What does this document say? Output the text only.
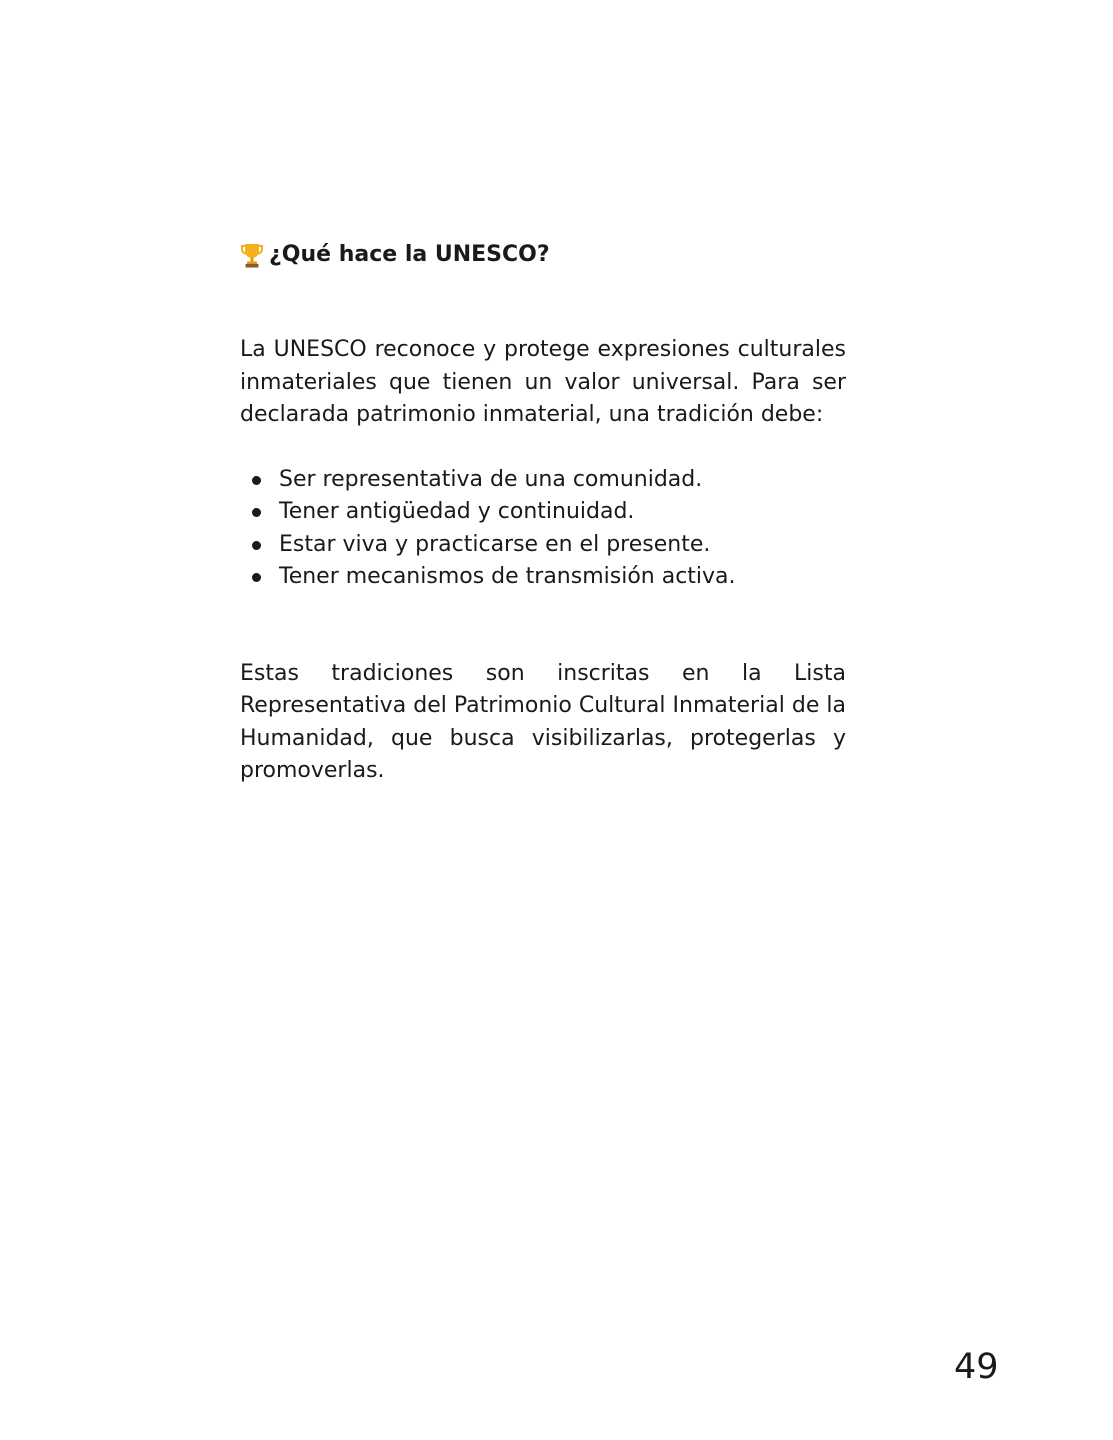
¿Qué hace la UNESCO?

La UNESCO reconoce y protege expresiones culturales inmateriales que tienen un valor universal. Para ser declarada patrimonio inmaterial, una tradición debe:

Ser representativa de una comunidad.
Tener antigüedad y continuidad.
Estar viva y practicarse en el presente.
Tener mecanismos de transmisión activa.

Estas tradiciones son inscritas en la Lista Representativa del Patrimonio Cultural Inmaterial de la Humanidad, que busca visibilizarlas, protegerlas y promoverlas.

49
